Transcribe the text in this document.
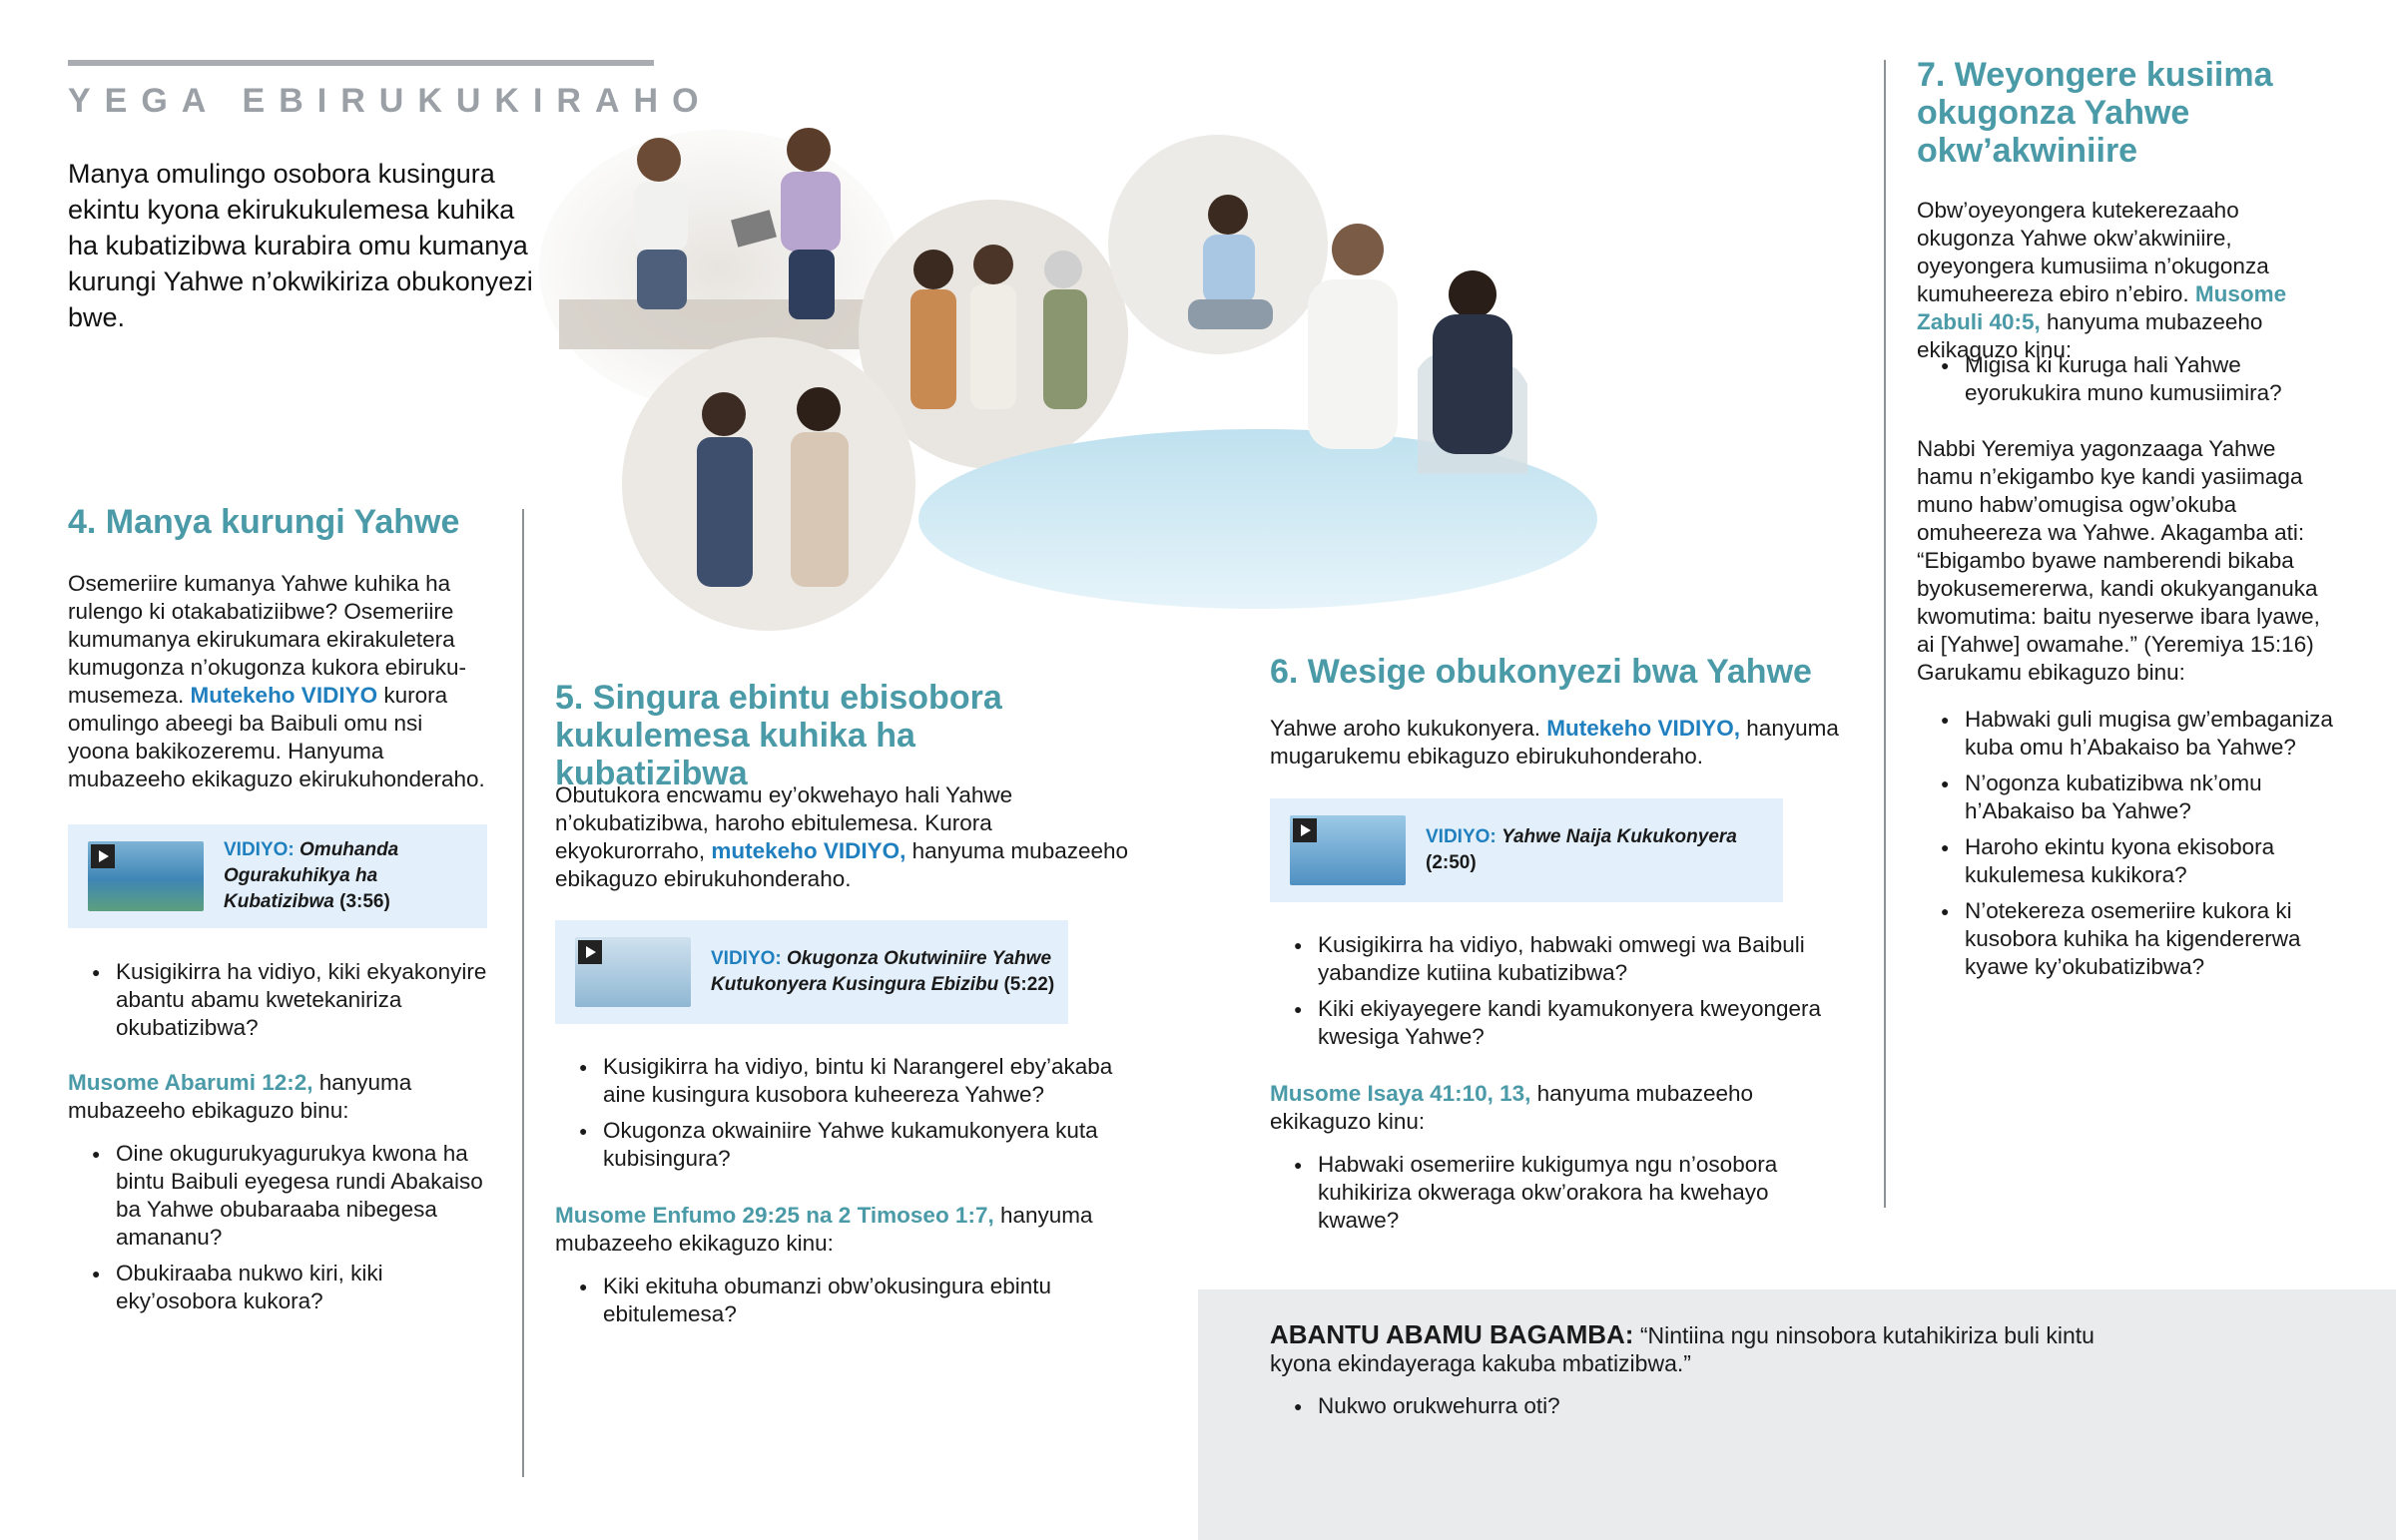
YEGA EBIRUKUKIRAHO
Manya omulingo osobora kusingura ekintu kyona ekirukukulemesa kuhika ha kubatizibwa kurabira omu kumanya kurungi Yahwe n’okwikiriza obukonyezi bwe.
4. Manya kurungi Yahwe

Osemeriire kumanya Yahwe kuhika ha rulengo ki otakabatiziibwe? Osemeriire kumumanya ekirukumara ekirakuletera kumugonza n’okugonza kukora ebirukumusemeza. Mutekeho VIDIYO kurora omulingo abeegi ba Baibuli omu nsi yoona bakikozeremu. Hanyuma mubazeeho ekikaguzo ekirukuhonderaho.

VIDIYO: Omuhanda Ogurakuhikya ha Kubatizibwa (3:56)
● Kusigikirra ha vidiyo, kiki ekyakonyire abantu abamu kwetekaniriza okubatizibwa?

Musome Abarumi 12:2, hanyuma mubazeeho ebikaguzo binu:

● Oine okugurukyagurukya kwona ha bintu Baibuli eyegesa rundi Abakaiso ba Yahwe obubaraaba nibegesa amananu?
● Obukiraaba nukwo kiri, kiki eky’osobora kukora?
5. Singura ebintu ebisobora
kukulemesa kuhika ha kubatizibwa

Obutukora encwamu ey’okwehayo hali Yahwe n’okubatizibwa, haroho ebitulemesa. Kurora ekyokurorraho, mutekeho VIDIYO, hanyuma mubazeeho ebikaguzo ebirukuhonderaho.

VIDIYO: Okugonza Okutwiniire Yahwe Kutukonyera Kusingura Ebizibu (5:22)
● Kusigikirra ha vidiyo, bintu ki Narangerel eby’akaba aine kusingura kusobora kuheereza Yahwe?
● Okugonza okwainiire Yahwe kukamukonyera kuta kubisingura?

Musome Enfumo 29:25 na 2 Timoseo 1:7, hanyuma mubazeeho ekikaguzo kinu:

● Kiki ekituha obumanzi obw’okusingura ebintu ebitulemesa?
6. Wesige obukonyezi bwa Yahwe

Yahwe aroho kukukonyera. Mutekeho VIDIYO, hanyuma mugarukemu ebikaguzo ebirukuhonderaho.

VIDIYO: Yahwe Naija Kukukonyera (2:50)
● Kusigikirra ha vidiyo, habwaki omwegi wa Baibuli yabandize kutiina kubatizibwa?
● Kiki ekiyayegere kandi kyamukonyera kweyongera kwesiga Yahwe?

Musome Isaya 41:10, 13, hanyuma mubazeeho ekikaguzo kinu:

● Habwaki osemeriire kukigumya ngu n’osobora kuhikiriza okweraga okw’orakora ha kwehayo kwawe?
7. Weyongere kusiima
okugonza Yahwe
okw’akwiniire

Obw’oyeyongera kutekerezaaho okugonza Yahwe okw’akwiniire, oyeyongera kumusiima n’okugonza kumuheereza ebiro n’ebiro. Musome Zabuli 40:5, hanyuma mubazeeho ekikaguzo kinu:

● Migisa ki kuruga hali Yahwe eyorukukira muno kumusiimira?

Nabbi Yeremiya yagonzaaga Yahwe hamu n’ekigambo kye kandi yasiimaga muno habw’omugisa ogw’okuba omuheereza wa Yahwe. Akagamba ati: “Ebigambo byawe namberendi bikaba byokusemererwa, kandi okukyanganuka kwomutima: baitu nyeserwe ibara lyawe, ai [Yahwe] owamahe.” (Yeremiya 15:16) Garukamu ebikaguzo binu:

● Habwaki guli mugisa gw’embaganiza kuba omu h’Abakaiso ba Yahwe?
● N’ogonza kubatizibwa nk’omu h’Abakaiso ba Yahwe?
● Haroho ekintu kyona ekisobora kukulemesa kukikora?
● N’otekereza osemeriire kukora ki kusobora kuhika ha kigendererwa kyawe ky’okubatizibwa?

ABANTU ABAMU BAGAMBA: “Nintiina ngu ninsobora kutahikiriza buli kintu kyona ekindayeraga kakuba mbatizibwa.”

● Nukwo orukwehurra oti?
